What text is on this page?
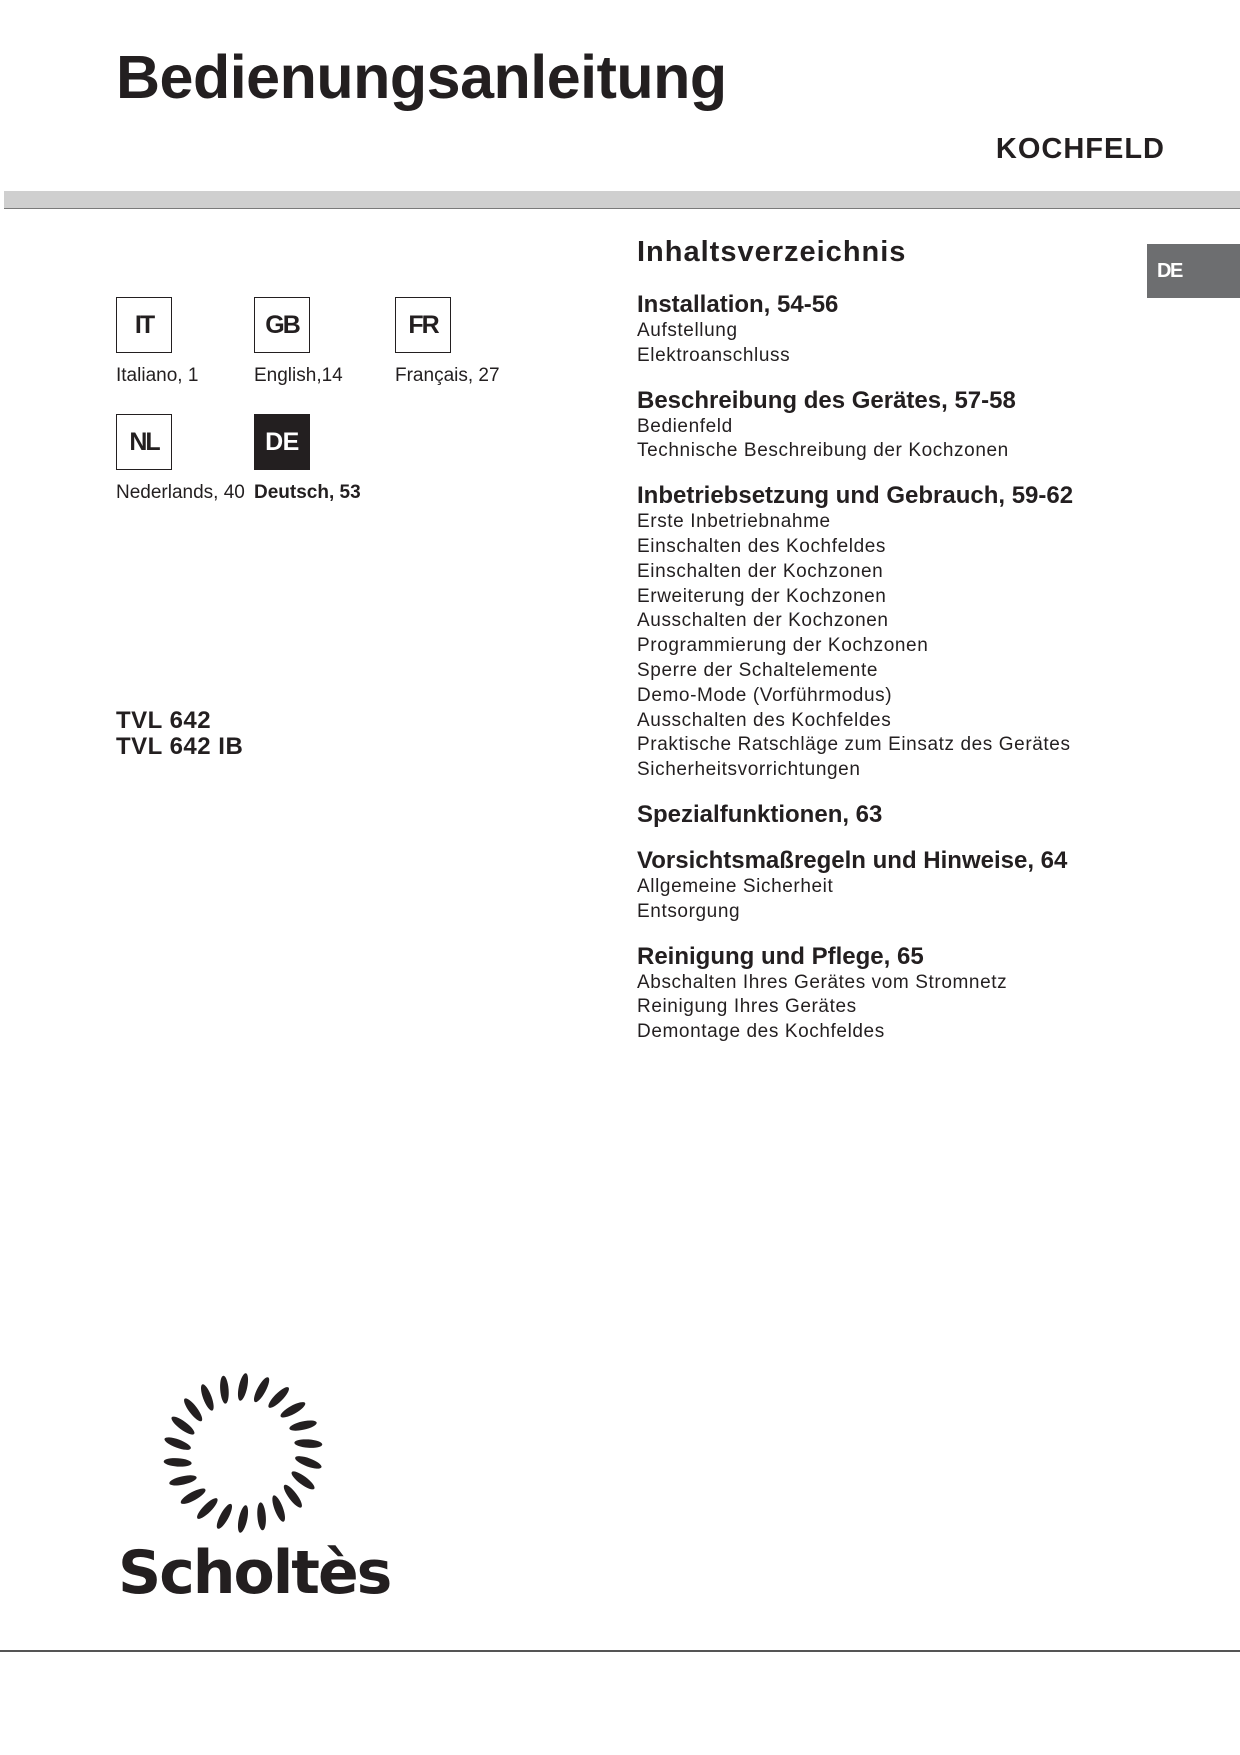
Bedienungsanleitung
KOCHFELD
IT
Italiano, 1
GB
English,14
FR
Français, 27
NL
Nederlands, 40
DE
Deutsch, 53
TVL 642
TVL 642 IB
DE
Inhaltsverzeichnis
Installation, 54-56
Aufstellung
Elektroanschluss
Beschreibung des Gerätes, 57-58
Bedienfeld
Technische Beschreibung der Kochzonen
Inbetriebsetzung und Gebrauch, 59-62
Erste Inbetriebnahme
Einschalten des Kochfeldes
Einschalten der Kochzonen
Erweiterung der Kochzonen
Ausschalten der Kochzonen
Programmierung der Kochzonen
Sperre der Schaltelemente
Demo-Mode (Vorführmodus)
Ausschalten des Kochfeldes
Praktische Ratschläge zum Einsatz des Gerätes
Sicherheitsvorrichtungen
Spezialfunktionen, 63
Vorsichtsmaßregeln und Hinweise, 64
Allgemeine Sicherheit
Entsorgung
Reinigung und Pflege, 65
Abschalten Ihres Gerätes vom Stromnetz
Reinigung Ihres Gerätes
Demontage des Kochfeldes
Scholtès
